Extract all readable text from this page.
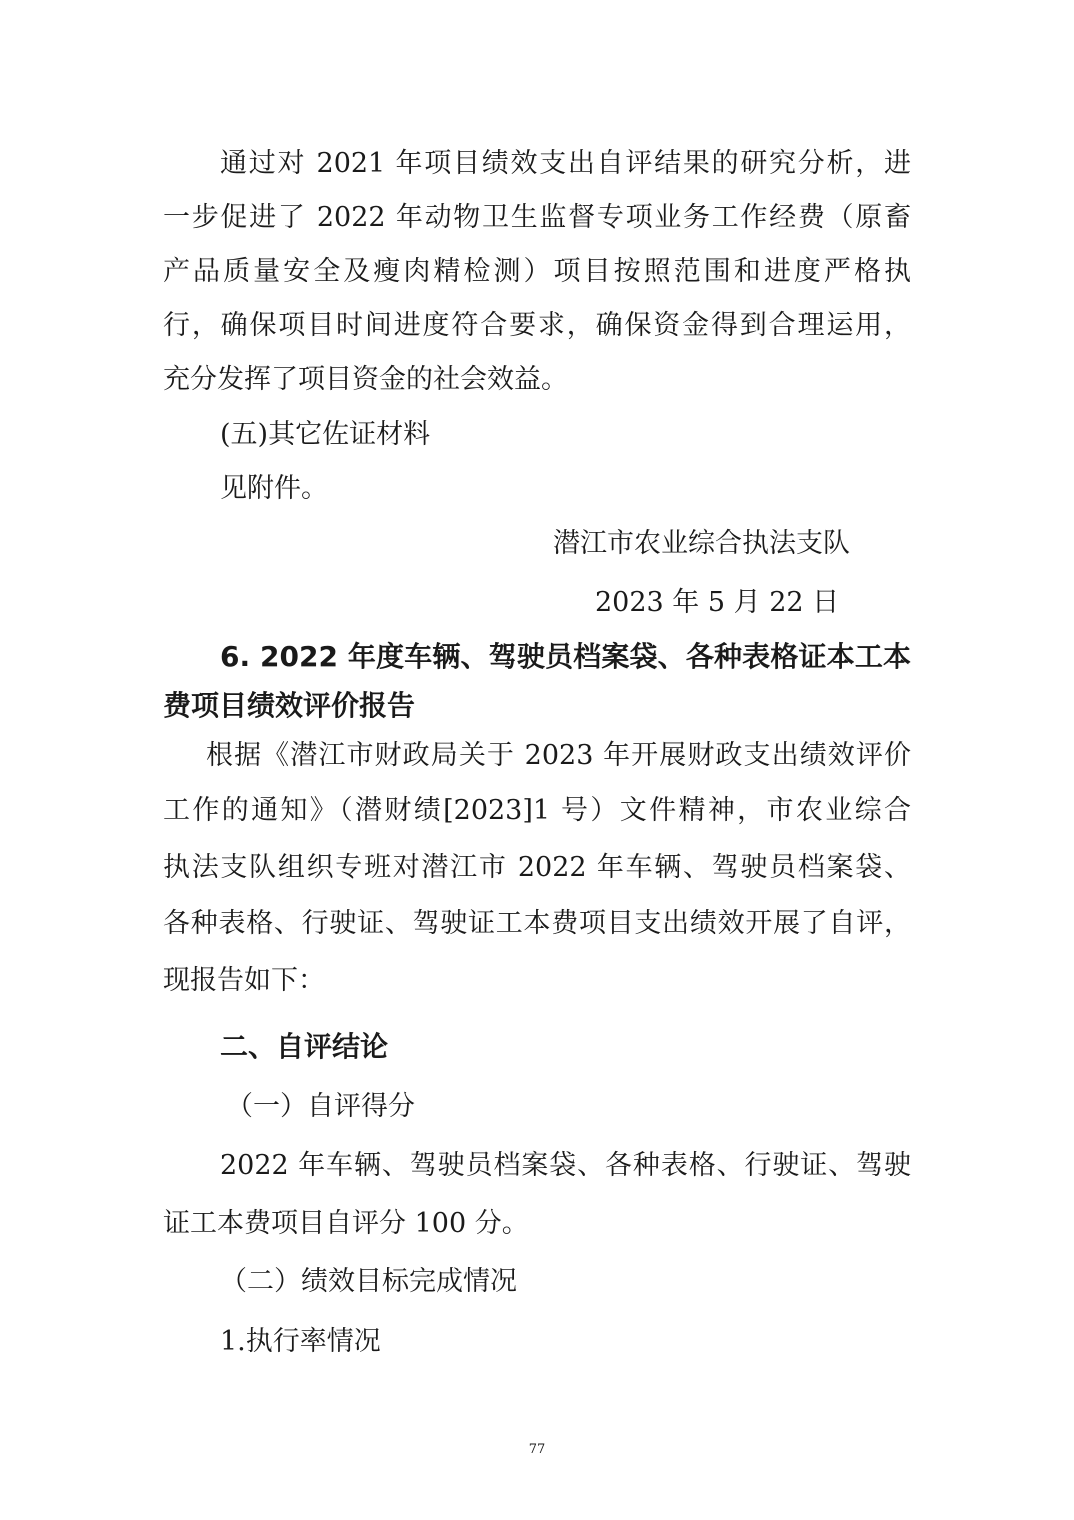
通过对 2021 年项目绩效支出自评结果的研究分析，进
一步促进了 2022 年动物卫生监督专项业务工作经费（原畜
产品质量安全及瘦肉精检测）项目按照范围和进度严格执
行，确保项目时间进度符合要求，确保资金得到合理运用，
充分发挥了项目资金的社会效益。
(五)其它佐证材料
见附件。
潜江市农业综合执法支队
2023 年 5 月 22 日
6. 2022 年度车辆、驾驶员档案袋、各种表格证本工本
费项目绩效评价报告
根据《潜江市财政局关于 2023 年开展财政支出绩效评价
工作的通知》（潜财绩[2023]1 号）文件精神，市农业综合
执法支队组织专班对潜江市 2022 年车辆、驾驶员档案袋、
各种表格、行驶证、驾驶证工本费项目支出绩效开展了自评，
现报告如下：
二、自评结论
（一）自评得分
2022 年车辆、驾驶员档案袋、各种表格、行驶证、驾驶
证工本费项目自评分 100 分。
（二）绩效目标完成情况
1.执行率情况
77
